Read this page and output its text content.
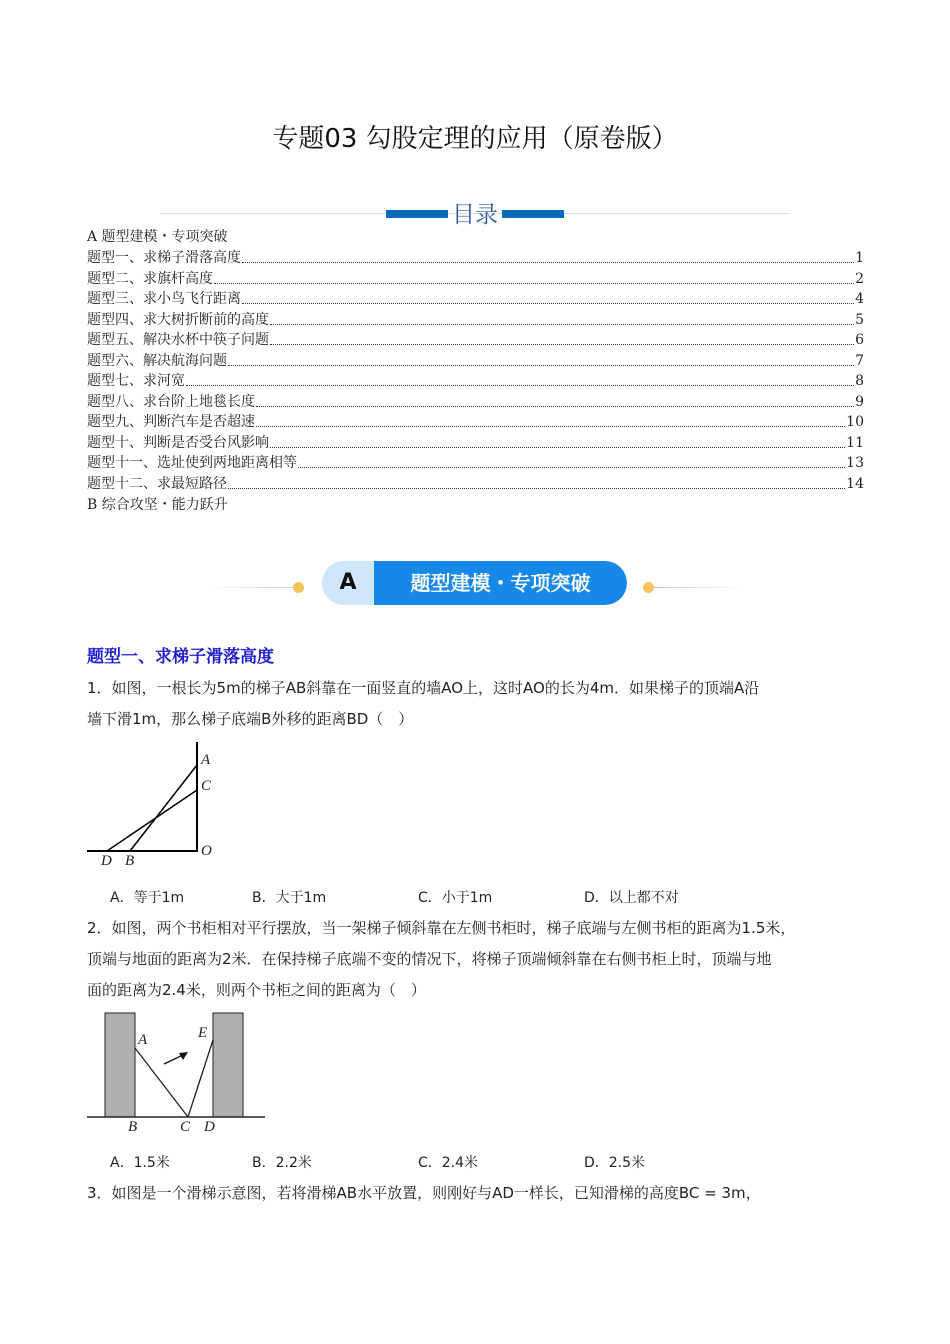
专题03 勾股定理的应用（原卷版）
目录
A 题型建模・专项突破
题型一、求梯子滑落高度	1
题型二、求旗杆高度	2
题型三、求小鸟飞行距离	4
题型四、求大树折断前的高度	5
题型五、解决水杯中筷子问题	6
题型六、解决航海问题	7
题型七、求河宽	8
题型八、求台阶上地毯长度	9
题型九、判断汽车是否超速	10
题型十、判断是否受台风影响	11
题型十一、选址使到两地距离相等	13
题型十二、求最短路径	14
B 综合攻坚・能力跃升
A	题型建模・专项突破
题型一、求梯子滑落高度
1．如图，一根长为5m的梯子AB斜靠在一面竖直的墙AO上，这时AO的长为4m．如果梯子的顶端A沿
墙下滑1m，那么梯子底端B外移的距离BD（　）
A
C
O
D B
A．等于1m	B．大于1m	C．小于1m	D．以上都不对
2．如图，两个书柜相对平行摆放，当一架梯子倾斜靠在左侧书柜时，梯子底端与左侧书柜的距离为1.5米，
顶端与地面的距离为2米．在保持梯子底端不变的情况下，将梯子顶端倾斜靠在右侧书柜上时，顶端与地
面的距离为2.4米，则两个书柜之间的距离为（　）
A	E
B	C D
A．1.5米	B．2.2米	C．2.4米	D．2.5米
3．如图是一个滑梯示意图，若将滑梯AB水平放置，则刚好与AD一样长，已知滑梯的高度BC = 3m，
